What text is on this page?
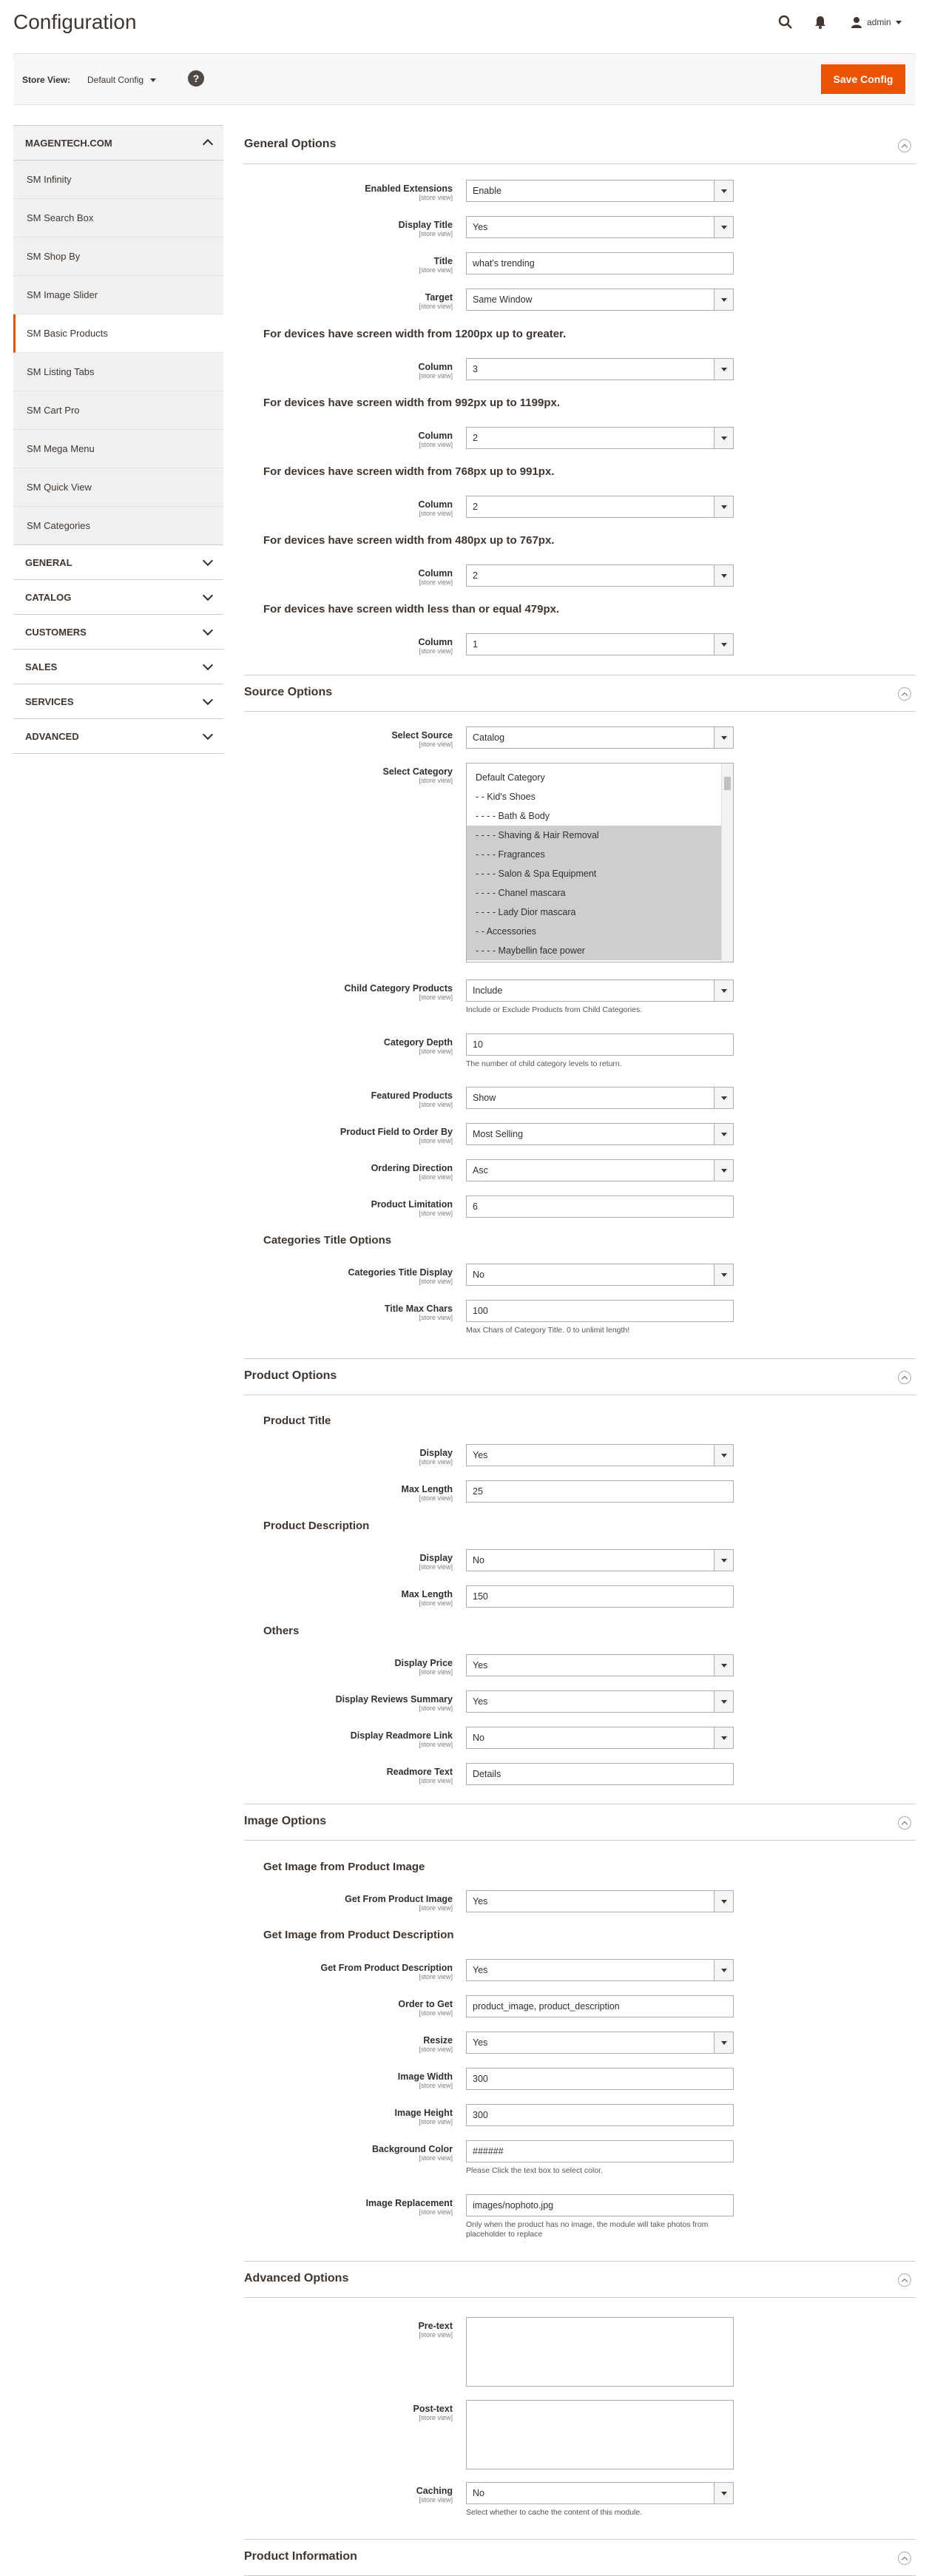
Configuration	admin
Store View: Default Config	?	Save Config
MAGENTECH.COM
SM Infinity
SM Search Box
SM Shop By
SM Image Slider
SM Basic Products
SM Listing Tabs
SM Cart Pro
SM Mega Menu
SM Quick View
SM Categories
GENERAL
CATALOG
CUSTOMERS
SALES
SERVICES
ADVANCED
General Options
Enabled Extensions
[store view]
Enable
Display Title
[store view]
Yes
Title
[store view]
what's trending
Target
[store view]
Same Window
For devices have screen width from 1200px up to greater.
Column
[store view]
3
For devices have screen width from 992px up to 1199px.
Column
[store view]
2
For devices have screen width from 768px up to 991px.
Column
[store view]
2
For devices have screen width from 480px up to 767px.
Column
[store view]
2
For devices have screen width less than or equal 479px.
Column
[store view]
1
Source Options
Select Source
[store view]
Catalog
Select Category
[store view]	Default Category
- - Kid's Shoes
- - - - Bath & Body
- - - - Shaving & Hair Removal
- - - - Fragrances
- - - - Salon & Spa Equipment
- - - - Chanel mascara
- - - - Lady Dior mascara
- - Accessories
- - - - Maybellin face power
Child Category Products
[store view]
Include
Include or Exclude Products from Child Categories.
Category Depth
[store view]
10
The number of child category levels to return.
Featured Products
[store view]
Show
Product Field to Order By
[store view]
Most Selling
Ordering Direction
[store view]
Asc
Product Limitation
[store view]
6
Categories Title Options
Categories Title Display
[store view]
No
Title Max Chars
[store view]
100
Max Chars of Category Title. 0 to unlimit length!
Product Options
Product Title
Display
[store view]
Yes
Max Length
[store view]
25
Product Description
Display
[store view]
No
Max Length
[store view]
150
Others
Display Price
[store view]
Yes
Display Reviews Summary
[store view]
Yes
Display Readmore Link
[store view]
No
Readmore Text
[store view]
Details
Image Options
Get Image from Product Image
Get From Product Image
[store view]
Yes
Get Image from Product Description
Get From Product Description
[store view]
Yes
Order to Get
[store view]
product_image, product_description
Resize
[store view]
Yes
Image Width
[store view]
300
Image Height
[store view]
300
Background Color
[store view]
######
Please Click the text box to select color.
Image Replacement
[store view]
images/nophoto.jpg
Only when the product has no image, the module will take photos from placeholder to replace
Advanced Options
Pre-text
[store view]
Post-text
[store view]
Caching
[store view]
No
Select whether to cache the content of this module.
Product Information
